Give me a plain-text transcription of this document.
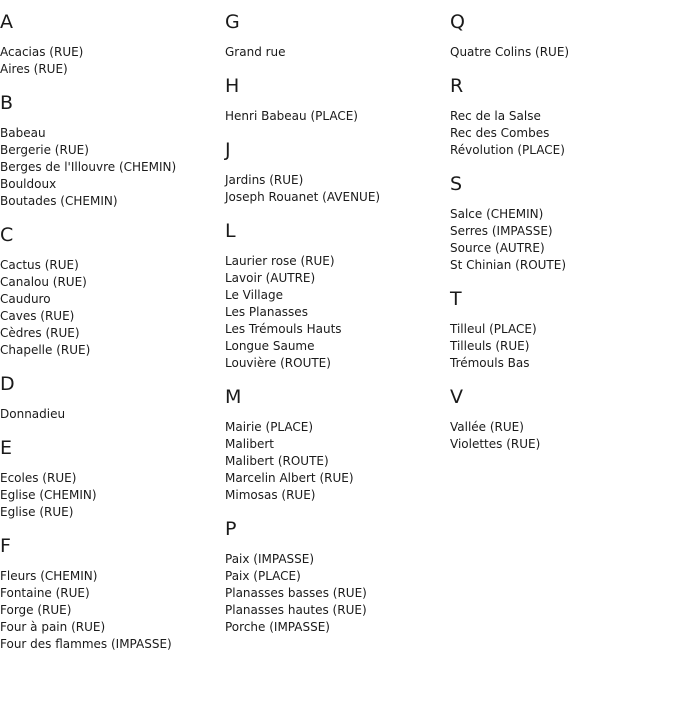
A
Acacias (RUE)
Aires (RUE)
B
Babeau
Bergerie (RUE)
Berges de l'Illouvre (CHEMIN)
Bouldoux
Boutades (CHEMIN)
C
Cactus (RUE)
Canalou (RUE)
Cauduro
Caves (RUE)
Cèdres (RUE)
Chapelle (RUE)
D
Donnadieu
E
Ecoles (RUE)
Eglise (CHEMIN)
Eglise (RUE)
F
Fleurs (CHEMIN)
Fontaine (RUE)
Forge (RUE)
Four à pain (RUE)
Four des flammes (IMPASSE)
G
Grand rue
H
Henri Babeau (PLACE)
J
Jardins (RUE)
Joseph Rouanet (AVENUE)
L
Laurier rose (RUE)
Lavoir (AUTRE)
Le Village
Les Planasses
Les Trémouls Hauts
Longue Saume
Louvière (ROUTE)
M
Mairie (PLACE)
Malibert
Malibert (ROUTE)
Marcelin Albert (RUE)
Mimosas (RUE)
P
Paix (IMPASSE)
Paix (PLACE)
Planasses basses (RUE)
Planasses hautes (RUE)
Porche (IMPASSE)
Q
Quatre Colins (RUE)
R
Rec de la Salse
Rec des Combes
Révolution (PLACE)
S
Salce (CHEMIN)
Serres (IMPASSE)
Source (AUTRE)
St Chinian (ROUTE)
T
Tilleul (PLACE)
Tilleuls (RUE)
Trémouls Bas
V
Vallée (RUE)
Violettes (RUE)
